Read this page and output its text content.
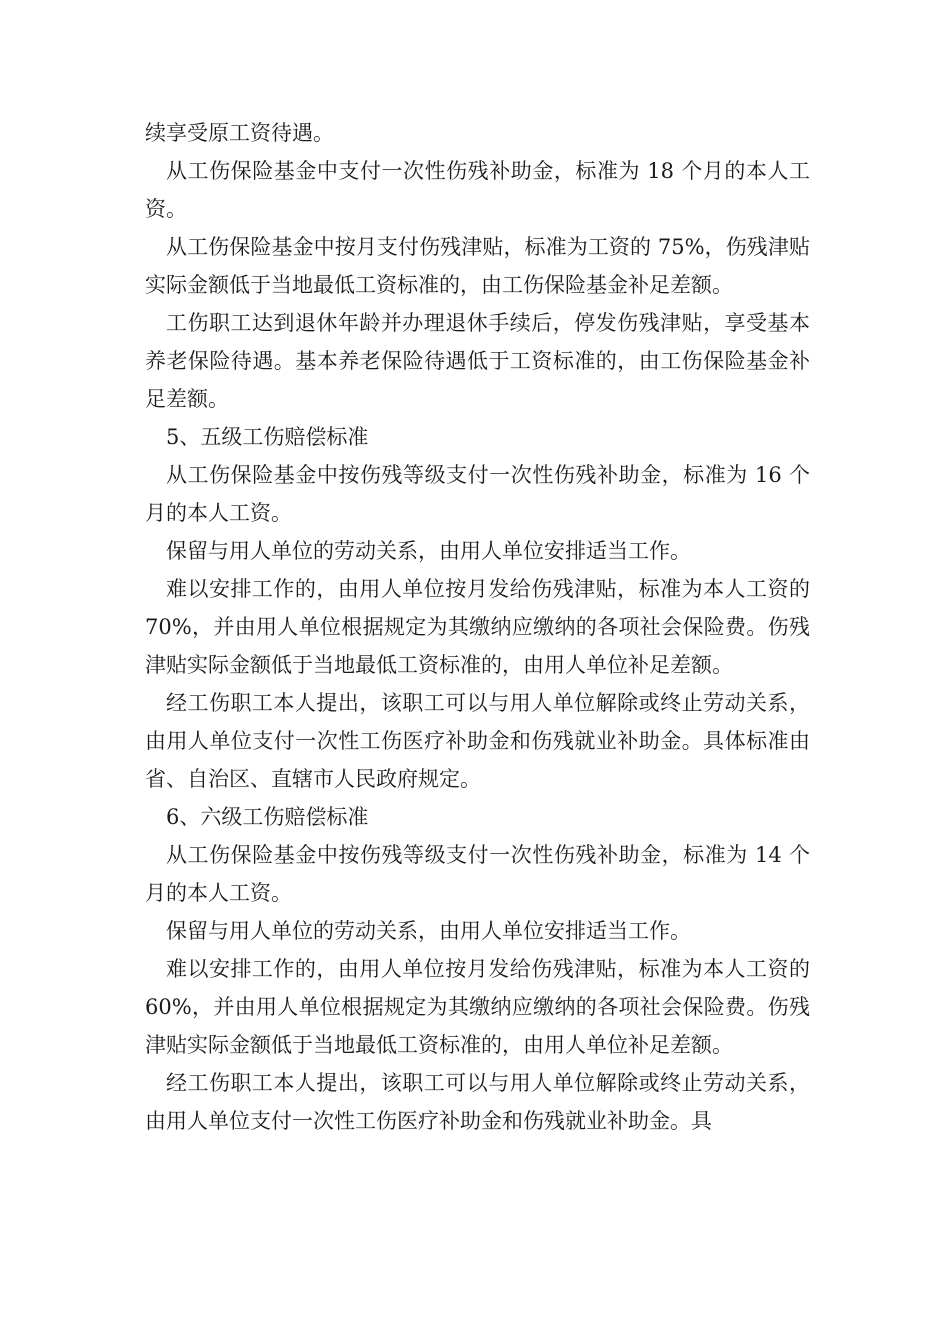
续享受原工资待遇。

从工伤保险基金中支付一次性伤残补助金，标准为 18 个月的本人工资。

从工伤保险基金中按月支付伤残津贴，标准为工资的 75%，伤残津贴实际金额低于当地最低工资标准的，由工伤保险基金补足差额。

工伤职工达到退休年龄并办理退休手续后，停发伤残津贴，享受基本养老保险待遇。基本养老保险待遇低于工资标准的，由工伤保险基金补足差额。

5、五级工伤赔偿标准

从工伤保险基金中按伤残等级支付一次性伤残补助金，标准为 16 个月的本人工资。

保留与用人单位的劳动关系，由用人单位安排适当工作。

难以安排工作的，由用人单位按月发给伤残津贴，标准为本人工资的 70%，并由用人单位根据规定为其缴纳应缴纳的各项社会保险费。伤残津贴实际金额低于当地最低工资标准的，由用人单位补足差额。

经工伤职工本人提出，该职工可以与用人单位解除或终止劳动关系，由用人单位支付一次性工伤医疗补助金和伤残就业补助金。具体标准由省、自治区、直辖市人民政府规定。

6、六级工伤赔偿标准

从工伤保险基金中按伤残等级支付一次性伤残补助金，标准为 14 个月的本人工资。

保留与用人单位的劳动关系，由用人单位安排适当工作。

难以安排工作的，由用人单位按月发给伤残津贴，标准为本人工资的 60%，并由用人单位根据规定为其缴纳应缴纳的各项社会保险费。伤残津贴实际金额低于当地最低工资标准的，由用人单位补足差额。

经工伤职工本人提出，该职工可以与用人单位解除或终止劳动关系，由用人单位支付一次性工伤医疗补助金和伤残就业补助金。具
